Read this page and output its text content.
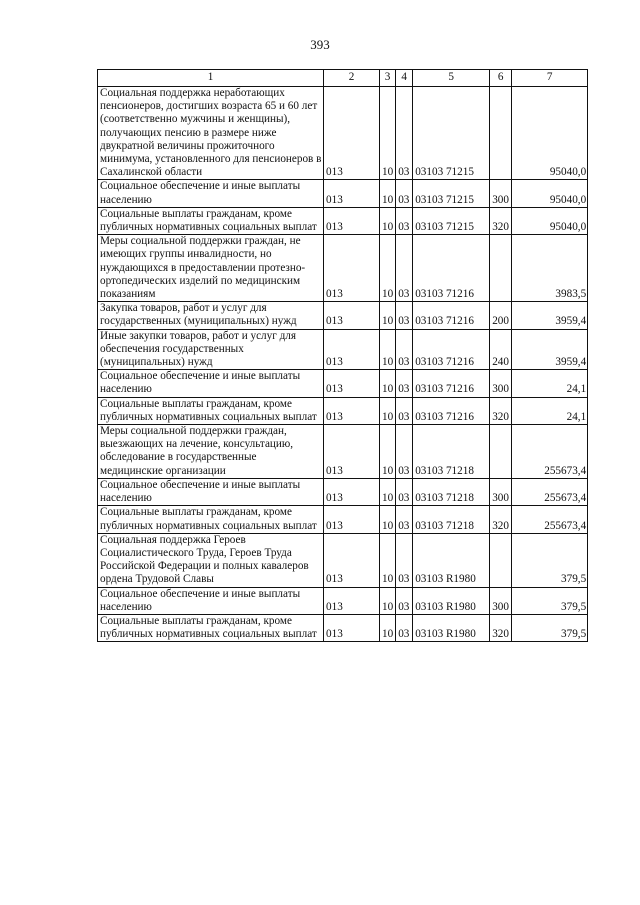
393
1	2	3	4	5	6	7
Социальная поддержка неработающих пенсионеров, достигших возраста 65 и 60 лет (соответственно мужчины и женщины), получающих пенсию в размере ниже двукратной величины прожиточного минимума, установленного для пенсионеров в Сахалинской области	013	10	03	03103 71215		95040,0
Социальное обеспечение и иные выплаты населению	013	10	03	03103 71215	300	95040,0
Социальные выплаты гражданам, кроме публичных нормативных социальных выплат	013	10	03	03103 71215	320	95040,0
Меры социальной поддержки граждан, не имеющих группы инвалидности, но нуждающихся в предоставлении протезно-ортопедических изделий по медицинским показаниям	013	10	03	03103 71216		3983,5
Закупка товаров, работ и услуг для государственных (муниципальных) нужд	013	10	03	03103 71216	200	3959,4
Иные закупки товаров, работ и услуг для обеспечения государственных (муниципальных) нужд	013	10	03	03103 71216	240	3959,4
Социальное обеспечение и иные выплаты населению	013	10	03	03103 71216	300	24,1
Социальные выплаты гражданам, кроме публичных нормативных социальных выплат	013	10	03	03103 71216	320	24,1
Меры социальной поддержки граждан, выезжающих на лечение, консультацию, обследование в государственные медицинские организации	013	10	03	03103 71218		255673,4
Социальное обеспечение и иные выплаты населению	013	10	03	03103 71218	300	255673,4
Социальные выплаты гражданам, кроме публичных нормативных социальных выплат	013	10	03	03103 71218	320	255673,4
Социальная поддержка Героев Социалистического Труда, Героев Труда Российской Федерации и полных кавалеров ордена Трудовой Славы	013	10	03	03103 R1980		379,5
Социальное обеспечение и иные выплаты населению	013	10	03	03103 R1980	300	379,5
Социальные выплаты гражданам, кроме публичных нормативных социальных выплат	013	10	03	03103 R1980	320	379,5
